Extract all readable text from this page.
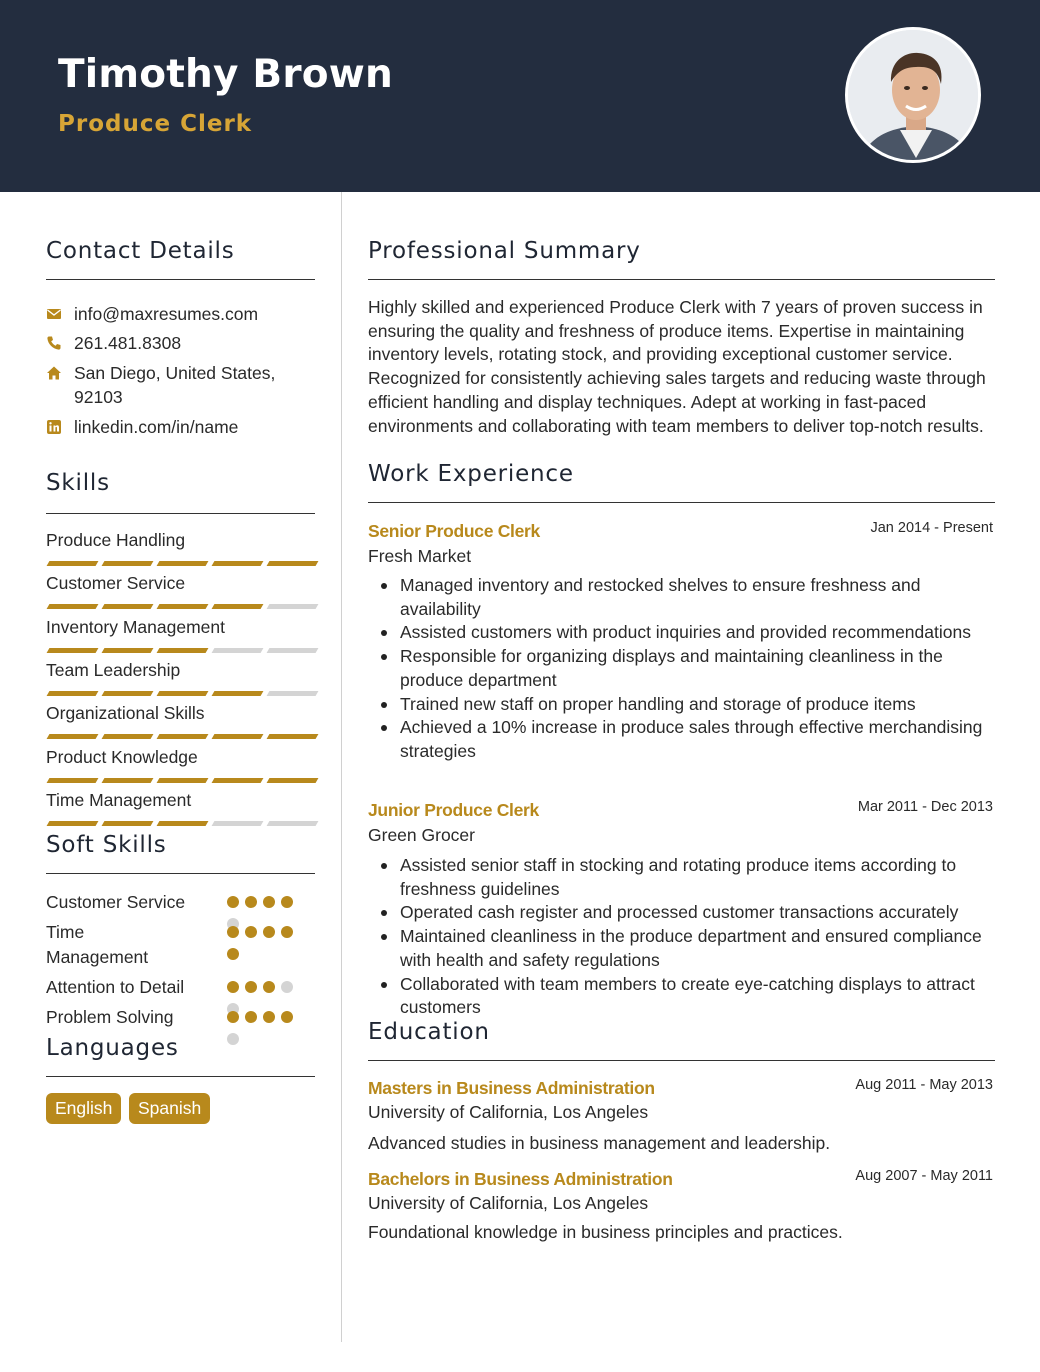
Timothy Brown
Produce Clerk
Contact Details
info@maxresumes.com
261.481.8308
San Diego, United States,
92103
linkedin.com/in/name
Skills
Produce Handling
Customer Service
Inventory Management
Team Leadership
Organizational Skills
Product Knowledge
Time Management
Soft Skills
Customer Service
Time
Management
Attention to Detail
Problem Solving
Languages
English	Spanish
Professional Summary
Highly skilled and experienced Produce Clerk with 7 years of proven success in ensuring the quality and freshness of produce items. Expertise in maintaining inventory levels, rotating stock, and providing exceptional customer service. Recognized for consistently achieving sales targets and reducing waste through efficient handling and display techniques. Adept at working in fast-paced environments and collaborating with team members to deliver top-notch results.
Work Experience
Senior Produce Clerk	Jan 2014 - Present
Fresh Market
Managed inventory and restocked shelves to ensure freshness and availability
Assisted customers with product inquiries and provided recommendations
Responsible for organizing displays and maintaining cleanliness in the produce department
Trained new staff on proper handling and storage of produce items
Achieved a 10% increase in produce sales through effective merchandising strategies
Junior Produce Clerk	Mar 2011 - Dec 2013
Green Grocer
Assisted senior staff in stocking and rotating produce items according to freshness guidelines
Operated cash register and processed customer transactions accurately
Maintained cleanliness in the produce department and ensured compliance with health and safety regulations
Collaborated with team members to create eye-catching displays to attract customers
Education
Masters in Business Administration	Aug 2011 - May 2013
University of California, Los Angeles
Advanced studies in business management and leadership.
Bachelors in Business Administration	Aug 2007 - May 2011
University of California, Los Angeles
Foundational knowledge in business principles and practices.
